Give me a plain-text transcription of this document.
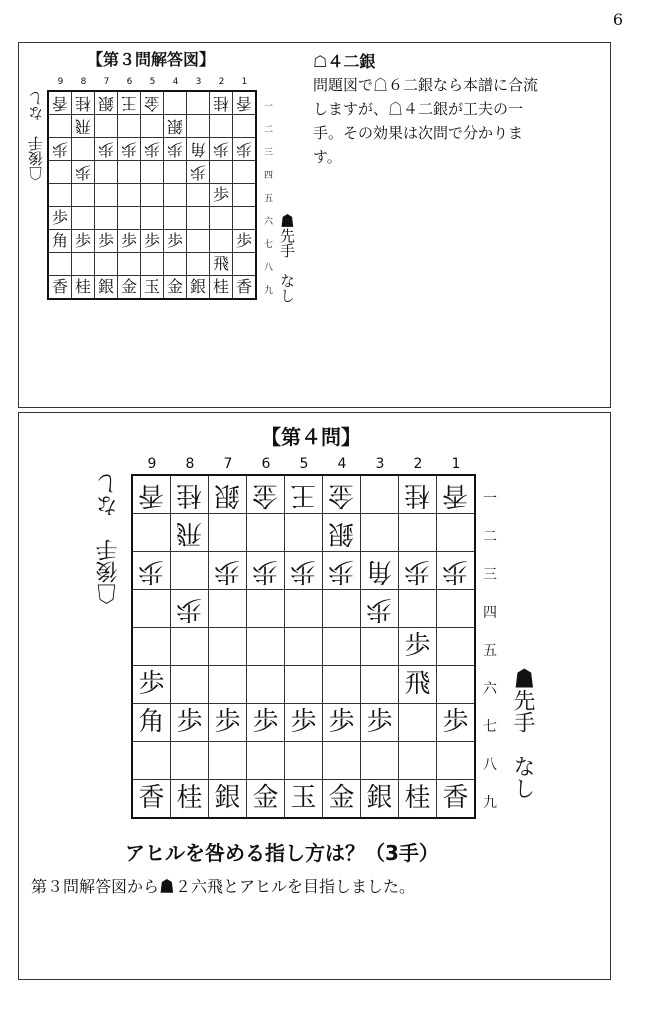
6
【第３問解答図】	☖４二銀
問題図で☖６二銀なら本譜に合流
しますが、☖４二銀が工夫の一
手。その効果は次問で分かりま
す。
9	8	7	6	5	4	3	2	1
一
二
三
四
五
六
七
八
九
香	桂	銀	王	金			桂	香
	飛				銀			
歩		歩	歩	歩	歩	角	歩	歩
	歩					歩		
							歩	
歩								
角	歩	歩	歩	歩	歩			歩
							飛	
香	桂	銀	金	玉	金	銀	桂	香
☖後手　なし
☗先手　なし
【第４問】
9	8	7	6	5	4	3	2	1
一
二
三
四
五
六
七
八
九
香	桂	銀	金	王	金		桂	香
	飛				銀			
歩		歩	歩	歩	歩	角	歩	歩
	歩					歩		
							歩	
歩							飛	
角	歩	歩	歩	歩	歩	歩		歩

香	桂	銀	金	玉	金	銀	桂	香
☖後手　なし
☗先手　なし
アヒルを咎める指し方は？（3手）
第３問解答図から☗２六飛とアヒルを目指しました。
